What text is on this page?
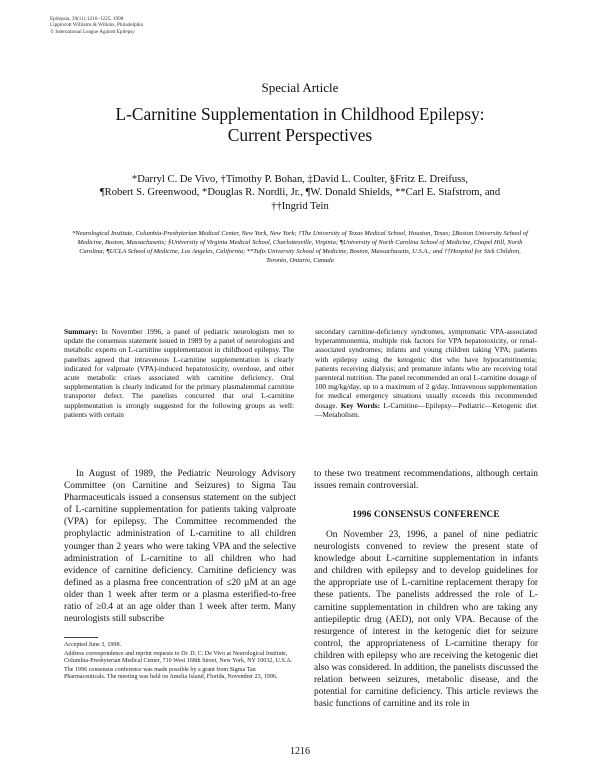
Epilepsia, 39(11):1216–1225, 1998
Lippincott Williams & Wilkins, Philadelphia
© International League Against Epilepsy
Special Article
L-Carnitine Supplementation in Childhood Epilepsy:
Current Perspectives
*Darryl C. De Vivo, †Timothy P. Bohan, ‡David L. Coulter, §Fritz E. Dreifuss,
¶Robert S. Greenwood, *Douglas R. Nordli, Jr., ¶W. Donald Shields, **Carl E. Stafstrom, and
††Ingrid Tein
*Neurological Institute, Columbia-Presbyterian Medical Center, New York, New York; †The University of Texas Medical School, Houston, Texas; ‡Boston University School of Medicine, Boston, Massachusetts; §University of Virginia Medical School, Charlottesville, Virginia; ¶University of North Carolina School of Medicine, Chapel Hill, North Carolina; ¶UCLA School of Medicine, Los Angeles, California; **Tufts University School of Medicine, Boston, Massachusetts, U.S.A.; and ††Hospital for Sick Children, Toronto, Ontario, Canada
Summary: In November 1996, a panel of pediatric neurologists met to update the consensus statement issued in 1989 by a panel of neurologists and metabolic experts on L-carnitine supplementation in childhood epilepsy. The panelists agreed that intravenous L-carnitine supplementation is clearly indicated for valproate (VPA)-induced hepatotoxicity, overdose, and other acute metabolic crises associated with carnitine deficiency. Oral supplementation is clearly indicated for the primary plasmalemmal carnitine transporter defect. The panelists concurred that oral L-carnitine supplementation is strongly suggested for the following groups as well: patients with certain
secondary carnitine-deficiency syndromes, symptomatic VPA-associated hyperammonemia, multiple risk factors for VPA hepatotoxicity, or renal-associated syndromes; infants and young children taking VPA; patients with epilepsy using the ketogenic diet who have hypocarnitinemia; patients receiving dialysis; and premature infants who are receiving total parenteral nutrition. The panel recommended an oral L-carnitine dosage of 100 mg/kg/day, up to a maximum of 2 g/day. Intravenous supplementation for medical emergency situations usually exceeds this recommended dosage. Key Words: L-Carnitine—Epilepsy—Pediatric—Ketogenic diet—Metabolism.

In August of 1989, the Pediatric Neurology Advisory Committee (on Carnitine and Seizures) to Sigma Tau Pharmaceuticals issued a consensus statement on the subject of L-carnitine supplementation for patients taking valproate (VPA) for epilepsy. The Committee recommended the prophylactic administration of L-carnitine to all children younger than 2 years who were taking VPA and the selective administration of L-carnitine to all children who had evidence of carnitine deficiency. Carnitine deficiency was defined as a plasma free concentration of ≤20 µM at an age older than 1 week after term or a plasma esterified-to-free ratio of ≥0.4 at an age older than 1 week after term. Many neurologists still subscribe

to these two treatment recommendations, although certain issues remain controversial.

1996 CONSENSUS CONFERENCE

On November 23, 1996, a panel of nine pediatric neurologists convened to review the present state of knowledge about L-carnitine supplementation in infants and children with epilepsy and to develop guidelines for the appropriate use of L-carnitine replacement therapy for these patients. The panelists addressed the role of L-carnitine supplementation in children who are taking any antiepileptic drug (AED), not only VPA. Because of the resurgence of interest in the ketogenic diet for seizure control, the appropriateness of L-carnitine therapy for children with epilepsy who are receiving the ketogenic diet also was considered. In addition, the panelists discussed the relation between seizures, metabolic disease, and the potential for carnitine deficiency. This article reviews the basic functions of carnitine and its role in

Accepted June 3, 1998.
Address correspondence and reprint requests to Dr. D. C. De Vivo at Neurological Institute, Columbia-Presbyterian Medical Center, 710 West 168th Street, New York, NY 10032, U.S.A.
The 1996 consensus conference was made possible by a grant from Sigma Tau Pharmaceuticals. The meeting was held on Amelia Island, Florida, November 23, 1996.
1216
